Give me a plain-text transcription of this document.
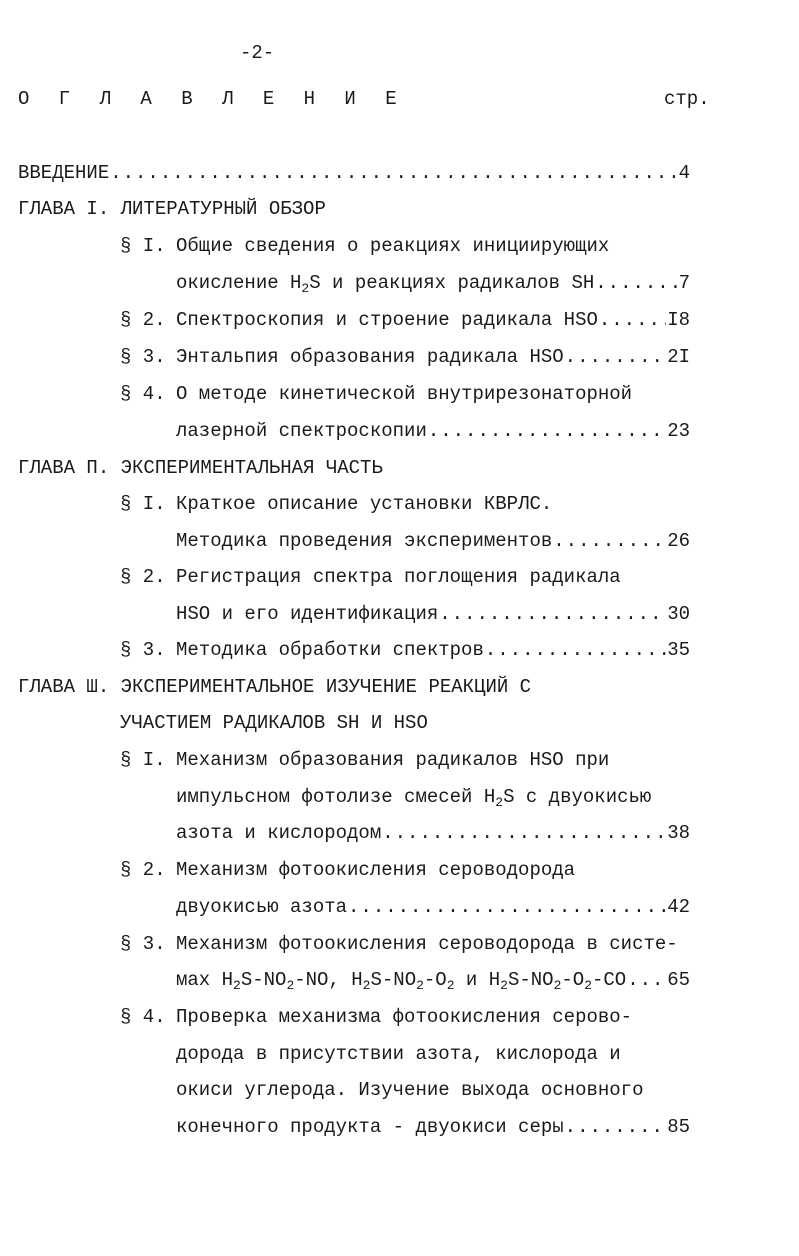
-2-
О Г Л А В Л Е Н И Е	стр.
ВВЕДЕНИЕ .....	4
ГЛАВА I. ЛИТЕРАТУРНЫЙ ОБЗОР
§ I. Общие сведения о реакциях инициирующих
окисление $H_2S$ и реакциях радикалов SH .....	7
§ 2. Спектроскопия и строение радикала HSO .....	I8
§ 3. Энтальпия образования радикала HSO .....	2I
§ 4. О методе кинетической внутрирезонаторной
лазерной спектроскопии .....	23
ГЛАВА П. ЭКСПЕРИМЕНТАЛЬНАЯ ЧАСТЬ
§ I. Краткое описание установки КВРЛС.
Методика проведения экспериментов .....	26
§ 2. Регистрация спектра поглощения радикала
HSO и его идентификация .....	30
§ 3. Методика обработки спектров .....	35
ГЛАВА Ш. ЭКСПЕРИМЕНТАЛЬНОЕ ИЗУЧЕНИЕ РЕАКЦИЙ С
УЧАСТИЕМ РАДИКАЛОВ SH И HSO
§ I. Механизм образования радикалов HSO при
импульсном фотолизе смесей $H_2S$ с двуокисью
азота и кислородом .....	38
§ 2. Механизм фотоокисления сероводорода
двуокисью азота .....	42
§ 3. Механизм фотоокисления сероводорода в систе-
мах $H_2S-NO_2-NO$, $H_2S-NO_2-O_2$ и $H_2S-NO_2-O_2-CO$ ..... 65
§ 4. Проверка механизма фотоокисления серово-
дорода в присутствии азота, кислорода и
окиси углерода. Изучение выхода основного
конечного продукта - двуокиси серы .....	85
